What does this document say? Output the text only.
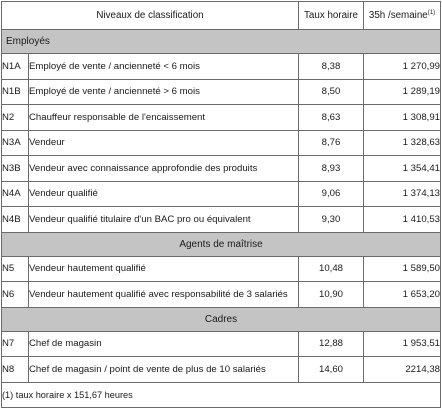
Niveaux de classification		Taux horaire	35h /semaine$^{(1)}$
Employés			
N1A	Employé de vente / ancienneté < 6 mois	8,38	1 270,99
N1B	Employé de vente / ancienneté > 6 mois	8,50	1 289,19
N2	Chauffeur responsable de l'encaissement	8,63	1 308,91
N3A	Vendeur	8,76	1 328,63
N3B	Vendeur avec connaissance approfondie des produits	8,93	1 354,41
N4A	Vendeur qualifié	9,06	1 374,13
N4B	Vendeur qualifié titulaire d'un BAC pro ou équivalent	9,30	1 410,53
Agents de maîtrise			
N5	Vendeur hautement qualifié	10,48	1 589,50
N6	Vendeur hautement qualifié avec responsabilité de 3 salariés	10,90	1 653,20
Cadres			
N7	Chef de magasin	12,88	1 953,51
N8	Chef de magasin / point de vente de plus de 10 salariés	14,60	2214,38
(1) taux horaire x 151,67 heures			
